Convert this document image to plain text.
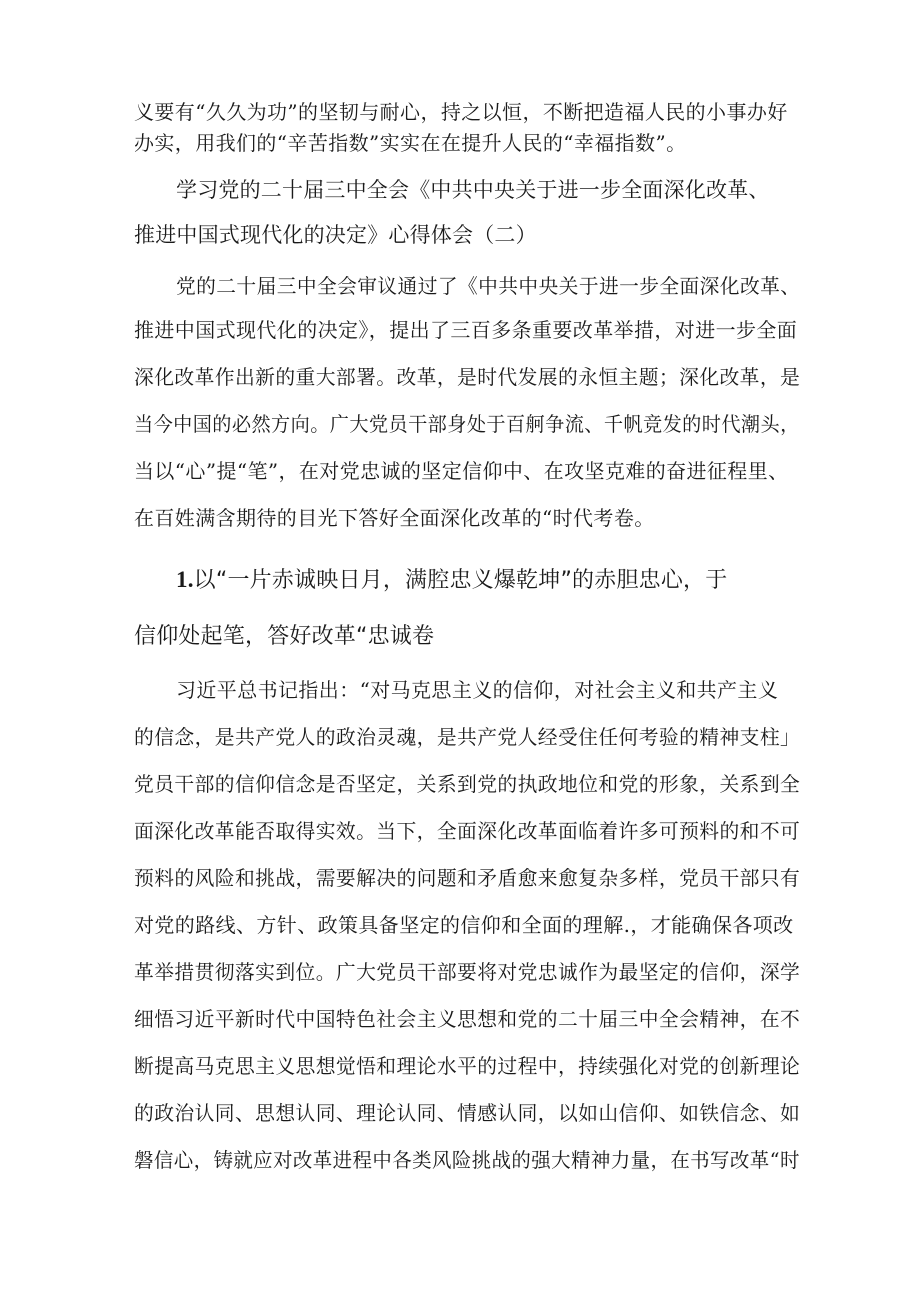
义要有“久久为功”的坚韧与耐心，持之以恒，不断把造福人民的小事办好
办实，用我们的“辛苦指数”实实在在提升人民的“幸福指数”。
学习党的二十届三中全会《中共中央关于进一步全面深化改革、
推进中国式现代化的决定》心得体会（二）
党的二十届三中全会审议通过了《中共中央关于进一步全面深化改革、
推进中国式现代化的决定》，提出了三百多条重要改革举措，对进一步全面
深化改革作出新的重大部署。改革，是时代发展的永恒主题；深化改革，是
当今中国的必然方向。广大党员干部身处于百舸争流、千帆竞发的时代潮头，
当以“心”提“笔”，在对党忠诚的坚定信仰中、在攻坚克难的奋进征程里、
在百姓满含期待的目光下答好全面深化改革的“时代考卷。
1.以“一片赤诚映日月，满腔忠义爆乾坤”的赤胆忠心，于
信仰处起笔，答好改革“忠诚卷
习近平总书记指出：“对马克思主义的信仰，对社会主义和共产主义
的信念，是共产党人的政治灵魂，是共产党人经受住任何考验的精神支柱」
党员干部的信仰信念是否坚定，关系到党的执政地位和党的形象，关系到全
面深化改革能否取得实效。当下，全面深化改革面临着许多可预料的和不可
预料的风险和挑战，需要解决的问题和矛盾愈来愈复杂多样，党员干部只有
对党的路线、方针、政策具备坚定的信仰和全面的理解.，才能确保各项改
革举措贯彻落实到位。广大党员干部要将对党忠诚作为最坚定的信仰，深学
细悟习近平新时代中国特色社会主义思想和党的二十届三中全会精神，在不
断提高马克思主义思想觉悟和理论水平的过程中，持续强化对党的创新理论
的政治认同、思想认同、理论认同、情感认同，以如山信仰、如铁信念、如
磐信心，铸就应对改革进程中各类风险挑战的强大精神力量，在书写改革“时
